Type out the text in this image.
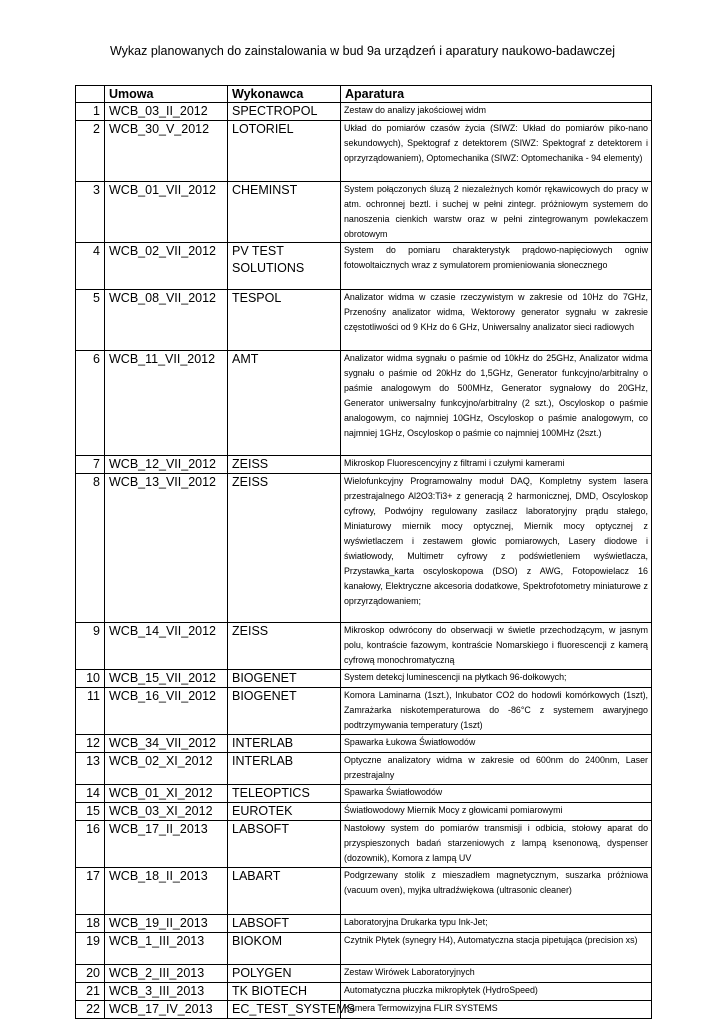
Wykaz planowanych do zainstalowania w bud 9a urządzeń i aparatury naukowo-badawczej
	Umowa	Wykonawca	Aparatura
1	WCB_03_II_2012	SPECTROPOL	Zestaw do analizy jakościowej widm
2	WCB_30_V_2012	LOTORIEL	Układ do pomiarów czasów życia (SIWZ: Układ do pomiarów piko-nano sekundowych), Spektograf z detektorem (SIWZ: Spektograf z detektorem i oprzyrządowaniem), Optomechanika (SIWZ: Optomechanika - 94 elementy)
3	WCB_01_VII_2012	CHEMINST	System połączonych śluzą 2 niezależnych komór rękawicowych do pracy w atm. ochronnej beztl. i suchej w pełni zintegr. próżniowym systemem do nanoszenia cienkich warstw oraz w pełni zintegrowanym powlekaczem obrotowym
4	WCB_02_VII_2012	PV TEST SOLUTIONS	System do pomiaru charakterystyk prądowo-napięciowych ogniw fotowoltaicznych wraz z symulatorem promieniowania słonecznego
5	WCB_08_VII_2012	TESPOL	Analizator widma w czasie rzeczywistym w zakresie od 10Hz do 7GHz, Przenośny analizator widma, Wektorowy generator sygnału w zakresie częstotliwości od 9 KHz do 6 GHz, Uniwersalny analizator sieci radiowych
6	WCB_11_VII_2012	AMT	Analizator widma sygnału o paśmie od 10kHz do 25GHz, Analizator widma sygnału o paśmie od 20kHz do 1,5GHz, Generator funkcyjno/arbitralny o paśmie analogowym do 500MHz, Generator sygnałowy do 20GHz, Generator uniwersalny funkcyjno/arbitralny (2 szt.), Oscyloskop o paśmie analogowym, co najmniej 10GHz, Oscyloskop o paśmie analogowym, co najmniej 1GHz, Oscyloskop o paśmie co najmniej 100MHz (2szt.)
7	WCB_12_VII_2012	ZEISS	Mikroskop Fluorescencyjny z filtrami i czułymi kamerami
8	WCB_13_VII_2012	ZEISS	Wielofunkcyjny Programowalny moduł DAQ, Kompletny system lasera przestrajalnego Al2O3:Ti3+ z generacją 2 harmonicznej, DMD, Oscyloskop cyfrowy, Podwójny regulowany zasilacz laboratoryjny prądu stałego, Miniaturowy miernik mocy optycznej, Miernik mocy optycznej z wyświetlaczem i zestawem głowic pomiarowych, Lasery diodowe i światłowody, Multimetr cyfrowy z podświetleniem wyświetlacza, Przystawka_karta oscyloskopowa (DSO) z AWG, Fotopowielacz 16 kanałowy, Elektryczne akcesoria dodatkowe, Spektrofotometry miniaturowe z oprzyrządowaniem;
9	WCB_14_VII_2012	ZEISS	Mikroskop odwrócony do obserwacji w świetle przechodzącym, w jasnym polu, kontraście fazowym, kontraście Nomarskiego i fluorescencji z kamerą cyfrową monochromatyczną
10	WCB_15_VII_2012	BIOGENET	System detekcj luminescencji na płytkach 96-dołkowych;
11	WCB_16_VII_2012	BIOGENET	Komora Laminarna (1szt.), Inkubator CO2 do hodowli komórkowych (1szt), Zamrażarka niskotemperaturowa do -86°C z systemem awaryjnego podtrzymywania temperatury (1szt)
12	WCB_34_VII_2012	INTERLAB	Spawarka Łukowa Światłowodów
13	WCB_02_XI_2012	INTERLAB	Optyczne analizatory widma w zakresie od 600nm do 2400nm, Laser przestrajalny
14	WCB_01_XI_2012	TELEOPTICS	Spawarka Światłowodów
15	WCB_03_XI_2012	EUROTEK	Światłowodowy Miernik Mocy z głowicami pomiarowymi
16	WCB_17_II_2013	LABSOFT	Nastołowy system do pomiarów transmisji i odbicia, stołowy aparat do przyspieszonych badań starzeniowych z lampą ksenonową, dyspenser (dozownik), Komora z lampą UV
17	WCB_18_II_2013	LABART	Podgrzewany stolik z mieszadłem magnetycznym, suszarka próżniowa (vacuum oven), myjka ultradźwiękowa (ultrasonic cleaner)
18	WCB_19_II_2013	LABSOFT	Laboratoryjna Drukarka typu Ink-Jet;
19	WCB_1_III_2013	BIOKOM	Czytnik Płytek (synegry H4), Automatyczna stacja pipetująca (precision xs)
20	WCB_2_III_2013	POLYGEN	Zestaw Wirówek Laboratoryjnych
21	WCB_3_III_2013	TK BIOTECH	Automatyczna płuczka mikropłytek (HydroSpeed)
22	WCB_17_IV_2013	EC_TEST_SYSTEMS	Kamera Termowizyjna FLIR SYSTEMS
